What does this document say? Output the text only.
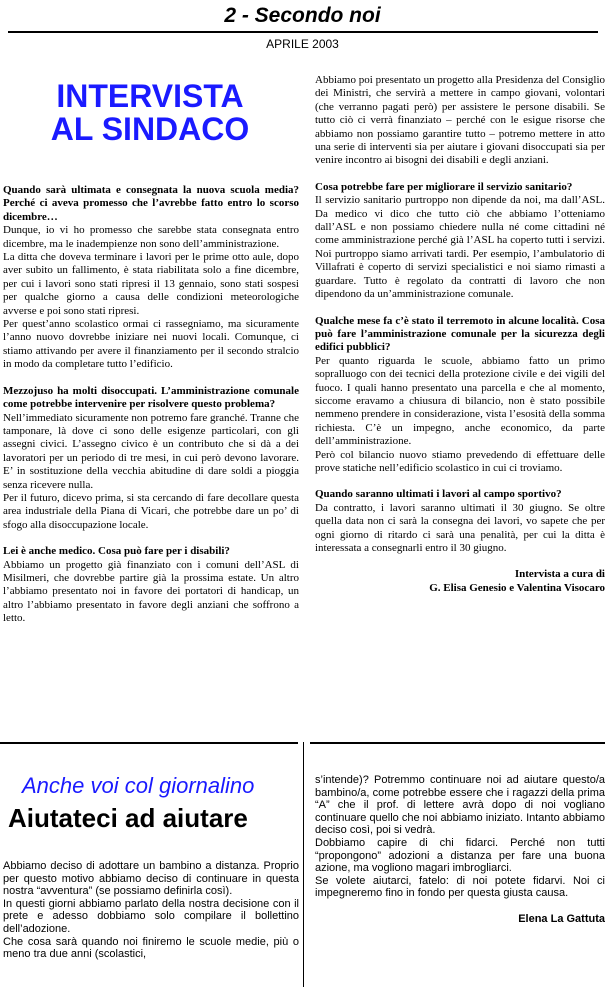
2 - Secondo noi
APRILE 2003
INTERVISTA
AL SINDACO

Quando sarà ultimata e consegnata la nuova scuola media? Perché ci aveva promesso che l’avrebbe fatto entro lo scorso dicembre…

Dunque, io vi ho promesso che sarebbe stata consegnata entro dicembre, ma le inadempienze non sono dell’amministrazione.

La ditta che doveva terminare i lavori per le prime otto aule, dopo aver subito un fallimento, è stata riabilitata solo a fine dicembre, per cui i lavori sono stati ripresi il 13 gennaio, sono stati sospesi per qualche giorno a causa delle condizioni meteorologiche avverse e poi sono stati ripresi.

Per quest’anno scolastico ormai ci rassegniamo, ma sicuramente l’anno nuovo dovrebbe iniziare nei nuovi locali. Comunque, ci stiamo attivando per avere il finanziamento per il secondo stralcio in modo da completare tutto l’edificio.

Mezzojuso ha molti disoccupati. L’amministrazione comunale come potrebbe intervenire per risolvere questo problema?

Nell’immediato sicuramente non potremo fare granché. Tranne che tamponare, là dove ci sono delle esigenze particolari, con gli assegni civici. L’assegno civico è un contributo che si dà a dei lavoratori per un periodo di tre mesi, in cui però devono lavorare. E’ in sostituzione della vecchia abitudine di dare soldi a pioggia senza ricevere nulla.

Per il futuro, dicevo prima, si sta cercando di fare decollare questa area industriale della Piana di Vicari, che potrebbe dare un po’ di sfogo alla disoccupazione locale.

Lei è anche medico. Cosa può fare per i disabili?

Abbiamo un progetto già finanziato con i comuni dell’ASL di Misilmeri, che dovrebbe partire già la prossima estate. Un altro l’abbiamo presentato noi in favore dei portatori di handicap, un altro l’abbiamo presentato in favore degli anziani che soffrono a letto.

Abbiamo poi presentato un progetto alla Presidenza del Consiglio dei Ministri, che servirà a mettere in campo giovani, volontari (che verranno pagati però) per assistere le persone disabili. Se tutto ciò ci verrà finanziato – perché con le esigue risorse che abbiamo non possiamo garantire tutto – potremo mettere in atto una serie di interventi sia per aiutare i giovani disoccupati sia per venire incontro ai bisogni dei disabili e degli anziani.

Cosa potrebbe fare per migliorare il servizio sanitario?

Il servizio sanitario purtroppo non dipende da noi, ma dall’ASL. Da medico vi dico che tutto ciò che abbiamo l’otteniamo dall’ASL e non possiamo chiedere nulla né come cittadini né come amministrazione perché già l’ASL ha coperto tutti i servizi. Noi purtroppo siamo arrivati tardi. Per esempio, l’ambulatorio di Villafrati è coperto di servizi specialistici e noi siamo rimasti a guardare. Tutto è regolato da contratti di lavoro che non dipendono da un’amministrazione comunale.

Qualche mese fa c’è stato il terremoto in alcune località. Cosa può fare l’amministrazione comunale per la sicurezza degli edifici pubblici?

Per quanto riguarda le scuole, abbiamo fatto un primo sopralluogo con dei tecnici della protezione civile e dei vigili del fuoco. I quali hanno presentato una parcella e che al momento, siccome eravamo a chiusura di bilancio, non è stato possibile nemmeno prendere in considerazione, vista l’esosità della somma richiesta. C’è un impegno, anche economico, da parte dell’amministrazione.

Però col bilancio nuovo stiamo prevedendo di effettuare delle prove statiche nell’edificio scolastico in cui ci troviamo.

Quando saranno ultimati i lavori al campo sportivo?

Da contratto, i lavori saranno ultimati il 30 giugno. Se oltre quella data non ci sarà la consegna dei lavori, vo sapete che per ogni giorno di ritardo ci sarà una penalità, per cui la ditta è interessata a consegnarli entro il 30 giugno.

Intervista a cura di

G. Elisa Genesio e Valentina Visocaro

Anche voi col giornalino
Aiutateci ad aiutare

Abbiamo deciso di adottare un bambino a distanza. Proprio per questo motivo abbiamo deciso di continuare in questa nostra “avventura” (se possiamo definirla così).

In questi giorni abbiamo parlato della nostra decisione con il prete e adesso dobbiamo solo compilare il bollettino dell’adozione.

Che cosa sarà quando noi finiremo le scuole medie, più o meno tra due anni (scolastici,

s’intende)? Potremmo continuare noi ad aiutare questo/a bambino/a, come potrebbe essere che i ragazzi della prima “A” che il prof. di lettere avrà dopo di noi vogliano continuare quello che noi abbiamo iniziato. Intanto abbiamo deciso così, poi si vedrà.

Dobbiamo capire di chi fidarci. Perché non tutti “propongono” adozioni a distanza per fare una buona azione, ma vogliono magari imbrogliarci.

Se volete aiutarci, fatelo: di noi potete fidarvi. Noi ci impegneremo fino in fondo per questa giusta causa.

Elena La Gattuta
